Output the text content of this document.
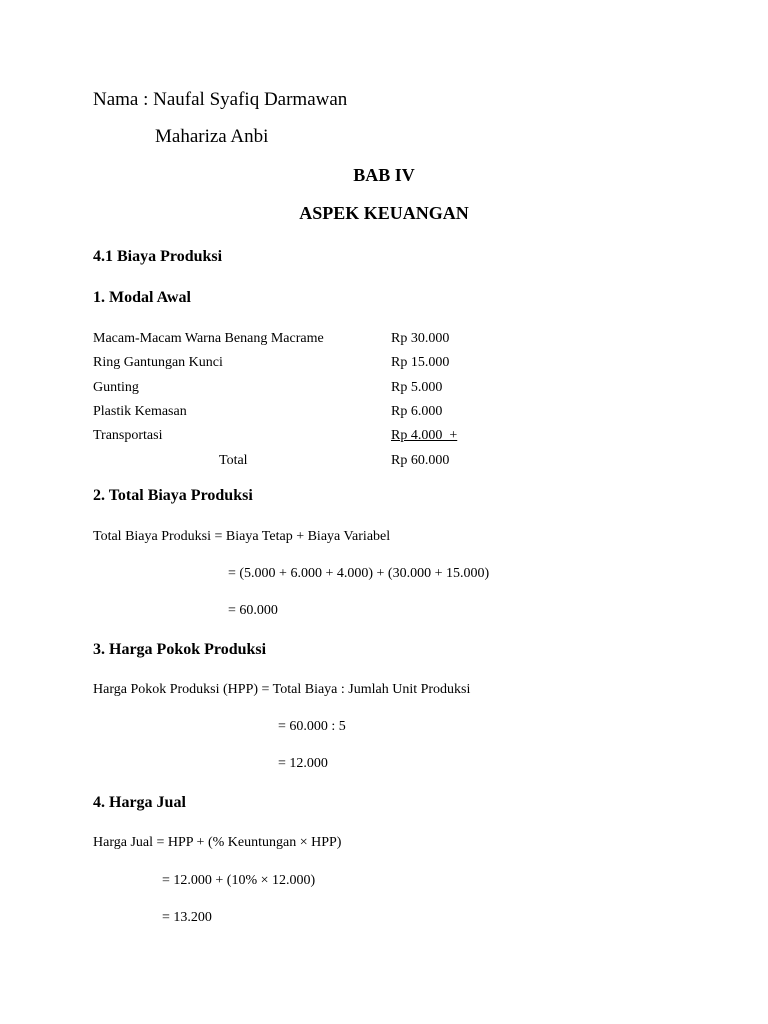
Nama : Naufal Syafiq Darmawan
Mahariza Anbi
BAB IV
ASPEK KEUANGAN
4.1 Biaya Produksi
1. Modal Awal
Macam-Macam Warna Benang Macrame	Rp 30.000
Ring Gantungan Kunci	Rp 15.000
Gunting	Rp 5.000
Plastik Kemasan	Rp 6.000
Transportasi	Rp 4.000  +
Total	Rp 60.000
2. Total Biaya Produksi
Total Biaya Produksi = Biaya Tetap + Biaya Variabel
= (5.000 + 6.000 + 4.000) + (30.000 + 15.000)
= 60.000
3. Harga Pokok Produksi
Harga Pokok Produksi (HPP) = Total Biaya : Jumlah Unit Produksi
= 60.000 : 5
= 12.000
4. Harga Jual
Harga Jual = HPP + (% Keuntungan × HPP)
= 12.000 + (10% × 12.000)
= 13.200
